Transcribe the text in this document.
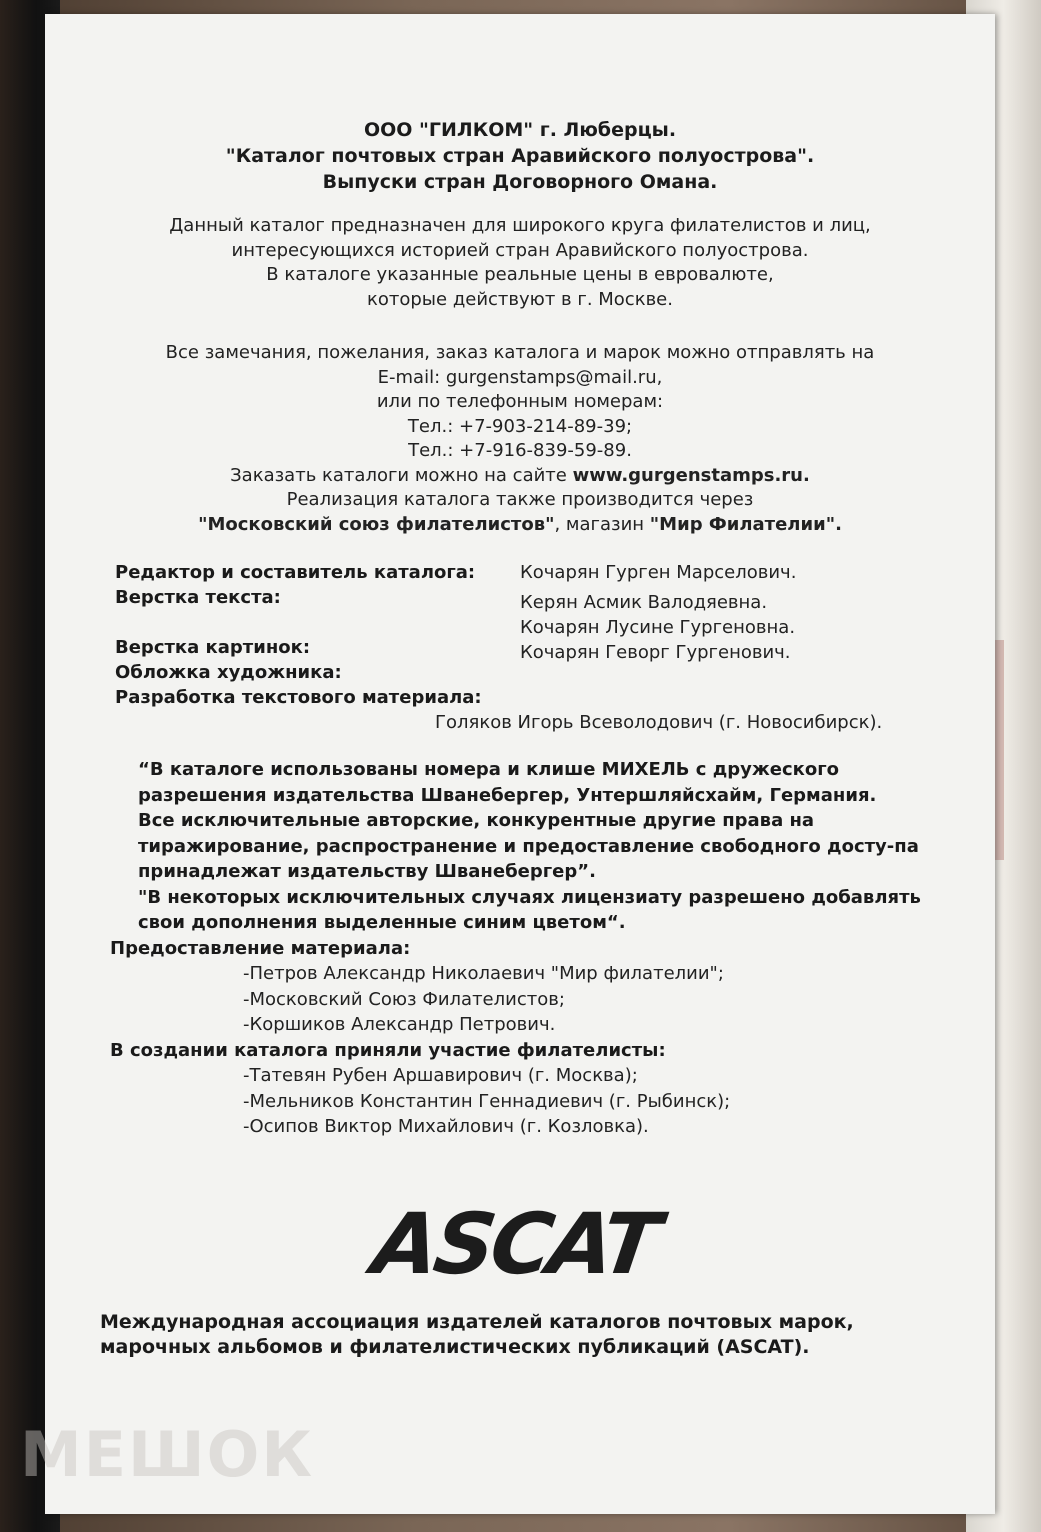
ООО "ГИЛКОМ" г. Люберцы.
"Каталог почтовых стран Аравийского полуострова".
Выпуски стран Договорного Омана.
Данный каталог предназначен для широкого круга филателистов и лиц,
интересующихся историей стран Аравийского полуострова.
В каталоге указанные реальные цены в евровалюте,
которые действуют в г. Москве.
Все замечания, пожелания, заказ каталога и марок можно отправлять на
E-mail: gurgenstamps@mail.ru,
или по телефонным номерам:
Тел.: +7-903-214-89-39;
Тел.: +7-916-839-59-89.
Заказать каталоги можно на сайте www.gurgenstamps.ru.
Реализация каталога также производится через
"Московский союз филателистов", магазин "Мир Филателии".
Редактор и составитель каталога: Кочарян Гурген Марселович.
Верстка текста:	Керян Асмик Валодяевна.
Кочарян Лусине Гургеновна.
Верстка картинок:	Кочарян Геворг Гургенович.
Обложка художника:
Разработка текстового материала:
Голяков Игорь Всеволодович (г. Новосибирск).

“В каталоге использованы номера и клише МИХЕЛЬ с дружеского разрешения издательства Шванебергер, Унтершляйсхайм, Германия.

Все исключительные авторские, конкурентные другие права на тиражирование, распространение и предоставление свободного досту-па принадлежат издательству Шванебергер”.

"В некоторых исключительных случаях лицензиату разрешено добавлять свои дополнения выделенные синим цветом“.

Предоставление материала:

-Петров Александр Николаевич "Мир филателии";
-Московский Союз Филателистов;
-Коршиков Александр Петрович.

В создании каталога приняли участие филателисты:

-Татевян Рубен Аршавирович (г. Москва);
-Мельников Константин Геннадиевич (г. Рыбинск);
-Осипов Виктор Михайлович (г. Козловка).
ASCAT
Международная ассоциация издателей каталогов почтовых марок,
марочных альбомов и филателистических публикаций (ASCAT).
МЕШОК
